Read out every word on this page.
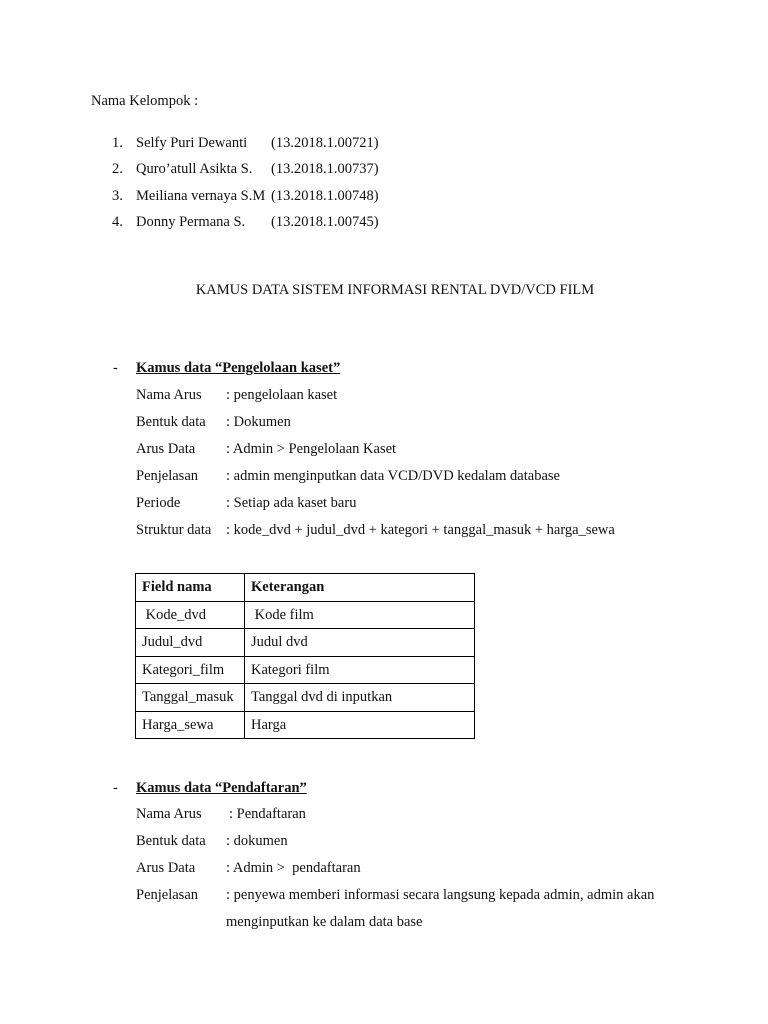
Nama Kelompok :
1. Selfy Puri Dewanti (13.2018.1.00721)
2. Quro’atull Asikta S. (13.2018.1.00737)
3. Meiliana vernaya S.M (13.2018.1.00748)
4. Donny Permana S. (13.2018.1.00745)
KAMUS DATA SISTEM INFORMASI RENTAL DVD/VCD FILM
- Kamus data “Pengelolaan kaset”
Nama Arus : pengelolaan kaset
Bentuk data : Dokumen
Arus Data : Admin > Pengelolaan Kaset
Penjelasan : admin menginputkan data VCD/DVD kedalam database
Periode	: Setiap ada kaset baru
Struktur data : kode_dvd + judul_dvd + kategori + tanggal_masuk + harga_sewa
Field nama	Keterangan
Kode_dvd	Kode film
Judul_dvd	Judul dvd
Kategori_film	Kategori film
Tanggal_masuk	Tanggal dvd di inputkan
Harga_sewa	Harga
- Kamus data “Pendaftaran”
Nama Arus : Pendaftaran
Bentuk data : dokumen
Arus Data : Admin >  pendaftaran
Penjelasan : penyewa memberi informasi secara langsung kepada admin, admin akan
menginputkan ke dalam data base
